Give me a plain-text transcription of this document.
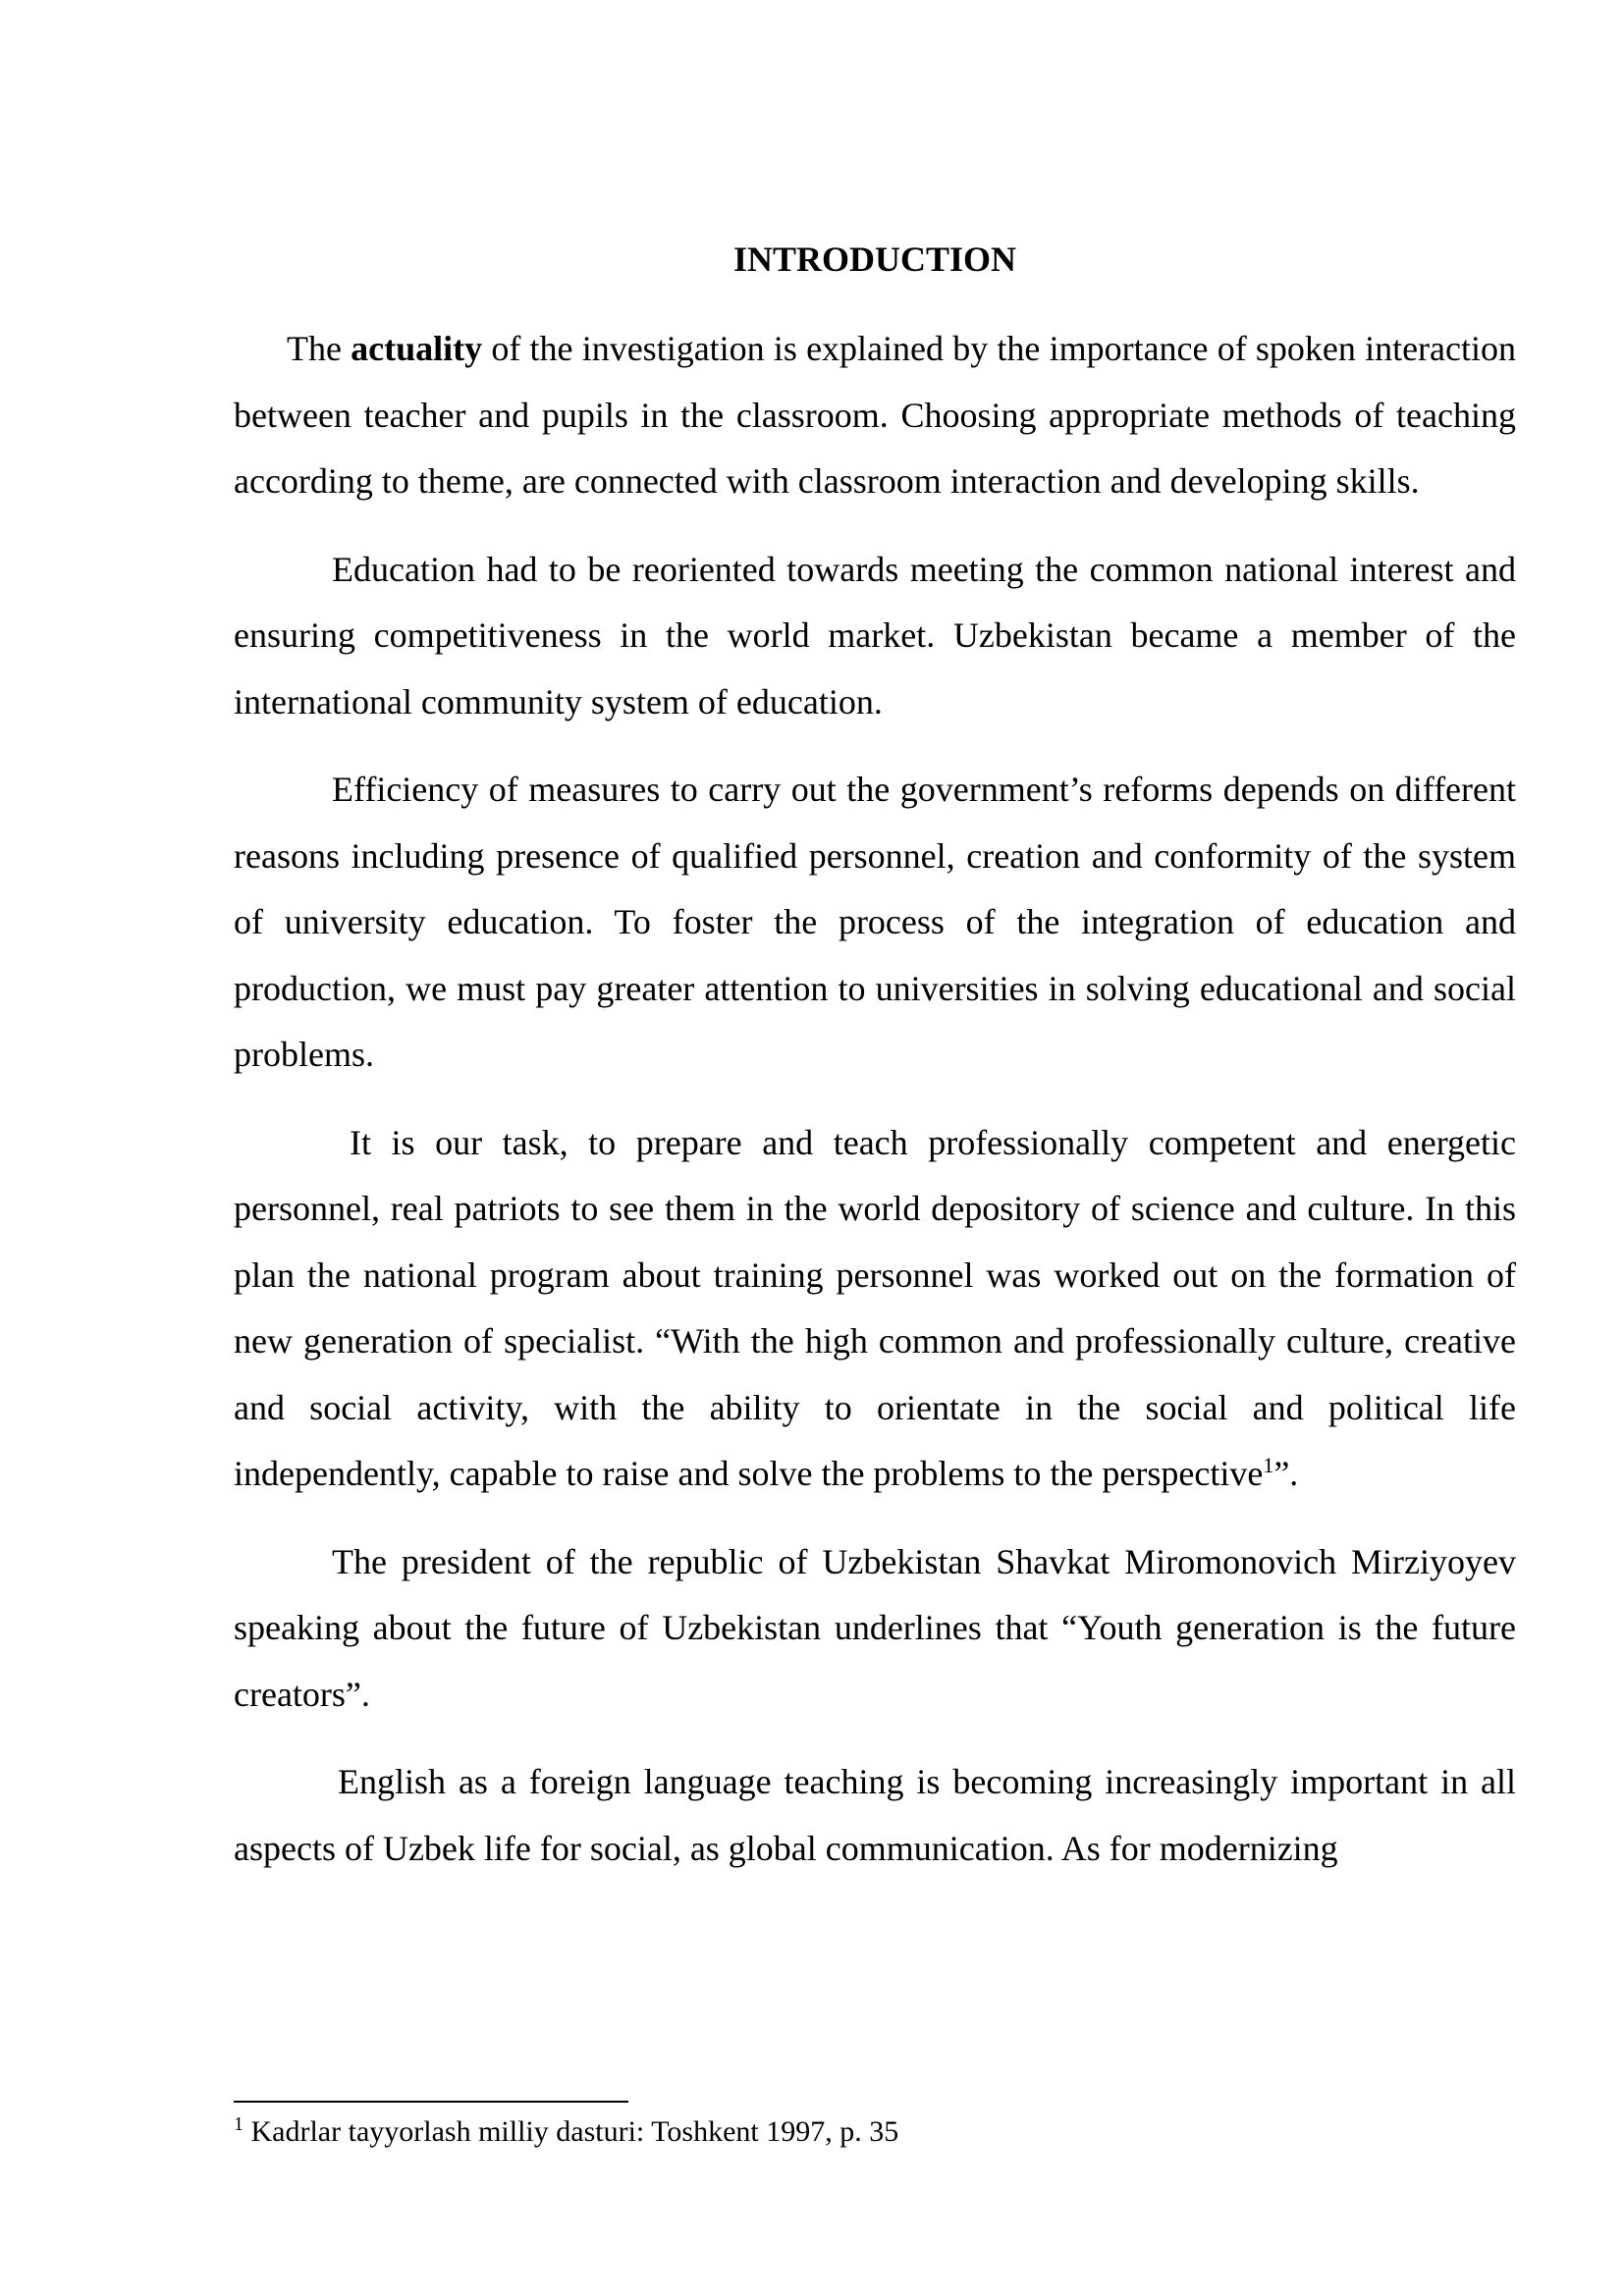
INTRODUCTION

The actuality of the investigation is explained by the importance of spoken interaction between teacher and pupils in the classroom. Choosing appropriate methods of teaching according to theme, are connected with classroom interaction and developing skills.

Education had to be reoriented towards meeting the common national interest and ensuring competitiveness in the world market. Uzbekistan became a member of the international community system of education.

Efficiency of measures to carry out the government’s reforms depends on different reasons including presence of qualified personnel, creation and conformity of the system of university education. To foster the process of the integration of education and production, we must pay greater attention to universities in solving educational and social problems.

It is our task, to prepare and teach professionally competent and energetic personnel, real patriots to see them in the world depository of science and culture. In this plan the national program about training personnel was worked out on the formation of new generation of specialist. “With the high common and professionally culture, creative and social activity, with the ability to orientate in the social and political life independently, capable to raise and solve the problems to the perspective$^1$”.

The president of the republic of Uzbekistan Shavkat Miromonovich Mirziyoyev speaking about the future of Uzbekistan underlines that “Youth generation is the future creators”.

English as a foreign language teaching is becoming increasingly important in all aspects of Uzbek life for social, as global communication. As for modernizing

$^1$ Kadrlar tayyorlash milliy dasturi: Toshkent 1997, p. 35
